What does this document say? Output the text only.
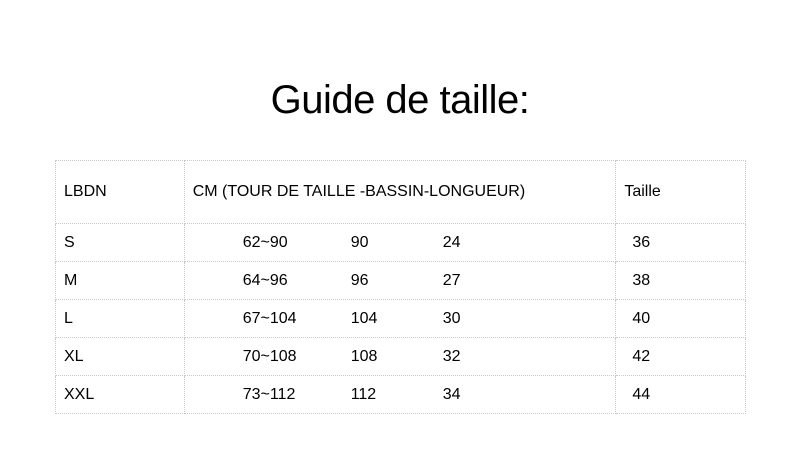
Guide de taille:
LBDN	CM (TOUR DE TAILLE -BASSIN-LONGUEUR)	Taille
S	62~90 90 24	36
M	64~96 96 27	38
L	67~104 104 30	40
XL	70~108 108 32	42
XXL	73~112 112 34	44
